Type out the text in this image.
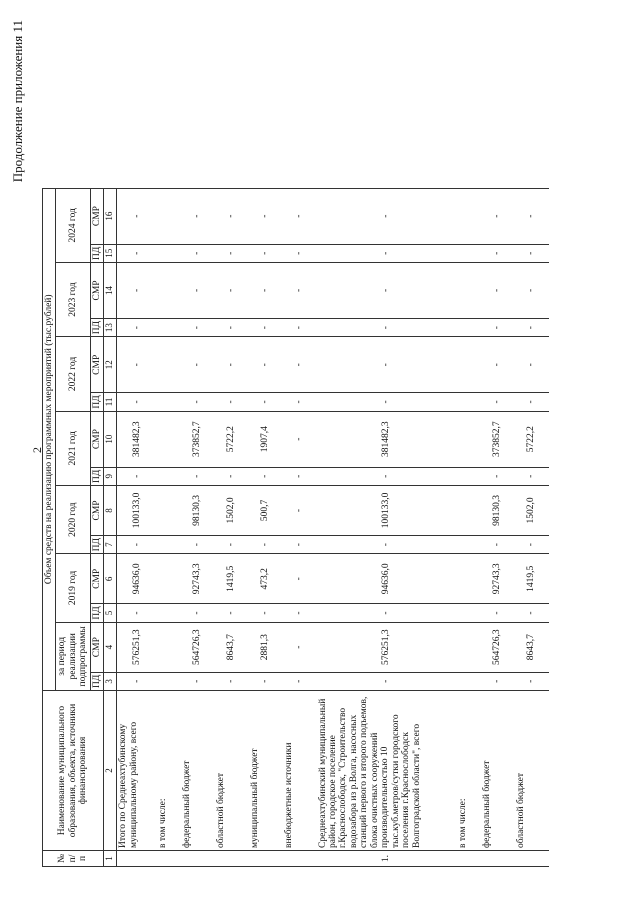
Продолжение приложения 11
2
№ п/п	Наименование муниципального образования, объекта, источники финансирования	Объем средств на реализацию программных мероприятий (тыс.рублей)													
		за период реализации подпрограммы		2019 год		2020 год		2021 год		2022 год		2023 год		2024 год	
		ПД	СМР	ПД	СМР	ПД	СМР	ПД	СМР	ПД	СМР	ПД	СМР	ПД	СМР
1	2	3	4	5	6	7	8	9	10	11	12	13	14	15	16
	Итого по Среднеахтубинскому муниципальному району, всего	-	576251,3	-	94636,0	-	100133,0	-	381482,3	-	-	-	-	-	-
	в том числе:														
	федеральный бюджет	-	564726,3	-	92743,3	-	98130,3	-	373852,7	-	-	-	-	-	-
	областной бюджет	-	8643,7	-	1419,5	-	1502,0	-	5722,2	-	-	-	-	-	-
	муниципальный бюджет	-	2881,3	-	473,2	-	500,7	-	1907,4	-	-	-	-	-	-
	внебюджетные источники	-	-	-	-	-	-	-	-	-	-	-	-	-	-
1.	Среднеахтубинский муниципальный район, городское поселение г.Краснослободск, "Строительство водозабора из р.Волга, насосных станций первого и второго подъемов, блока очистных сооружений производительностью 10 тыс.куб.метров/сутки городского поселения г.Краснослободск Волгоградской области", всего	-	576251,3	-	94636,0	-	100133,0	-	381482,3	-	-	-	-	-	-
	в том числе:														
	федеральный бюджет	-	564726,3	-	92743,3	-	98130,3	-	373852,7	-	-	-	-	-	-
	областной бюджет	-	8643,7	-	1419,5	-	1502,0	-	5722,2	-	-	-	-	-	-
